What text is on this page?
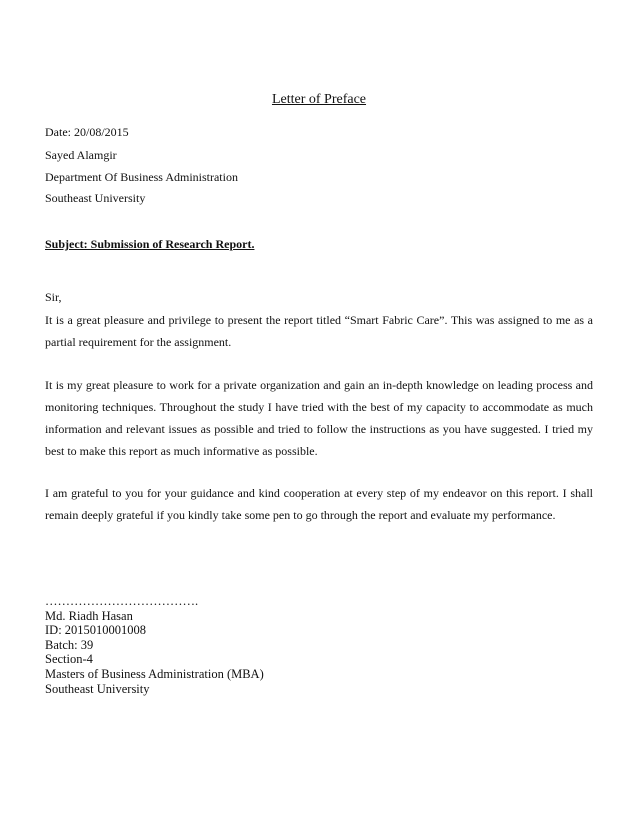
Letter of Preface
Date: 20/08/2015
Sayed Alamgir
Department Of Business Administration
Southeast University
Subject: Submission of Research Report.
Sir,
It is a great pleasure and privilege to present the report titled “Smart Fabric Care”. This was assigned to me as a partial requirement for the assignment.
It is my great pleasure to work for a private organization and gain an in-depth knowledge on leading process and monitoring techniques. Throughout the study I have tried with the best of my capacity to accommodate as much information and relevant issues as possible and tried to follow the instructions as you have suggested. I tried my best to make this report as much informative as possible.
I am grateful to you for your guidance and kind cooperation at every step of my endeavor on this report. I shall remain deeply grateful if you kindly take some pen to go through the report and evaluate my performance.
……………………………….
Md. Riadh Hasan
ID: 2015010001008
Batch: 39
Section-4
Masters of Business Administration (MBA)
Southeast University
